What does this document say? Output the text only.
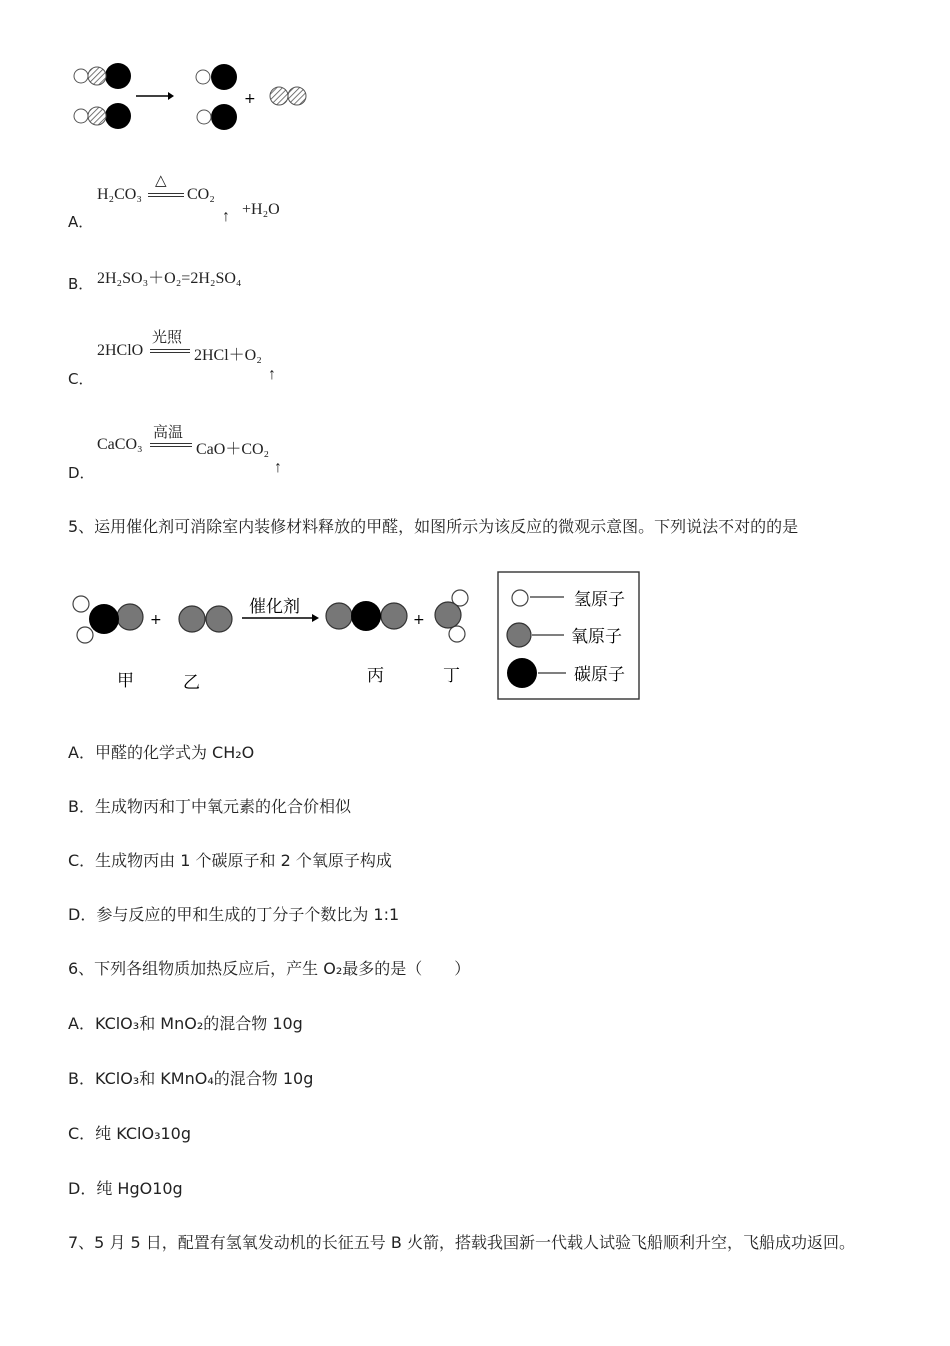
+
A．
H₂CO₃
△
CO₂
↑ +H₂O
B． 2H₂SO₃＋O₂=2H₂SO₄
C．
2HClO
光照
2HCl＋O₂
↑
D．
CaCO₃
高温
CaO＋CO₂
↑
5、运用催化剂可消除室内装修材料释放的甲醛，如图所示为该反应的微观示意图。下列说法不对的的是
+
催化剂
+
甲	乙	丙	丁
氢原子
氧原子
碳原子
A．甲醛的化学式为 CH₂O
B．生成物丙和丁中氧元素的化合价相似
C．生成物丙由 1 个碳原子和 2 个氧原子构成
D．参与反应的甲和生成的丁分子个数比为 1:1
6、下列各组物质加热反应后，产生 O₂最多的是（　　）
A．KClO₃和 MnO₂的混合物 10g
B．KClO₃和 KMnO₄的混合物 10g
C．纯 KClO₃10g
D．纯 HgO10g
7、5 月 5 日，配置有氢氧发动机的长征五号 B 火箭，搭载我国新一代载人试验飞船顺利升空，飞船成功返回。
